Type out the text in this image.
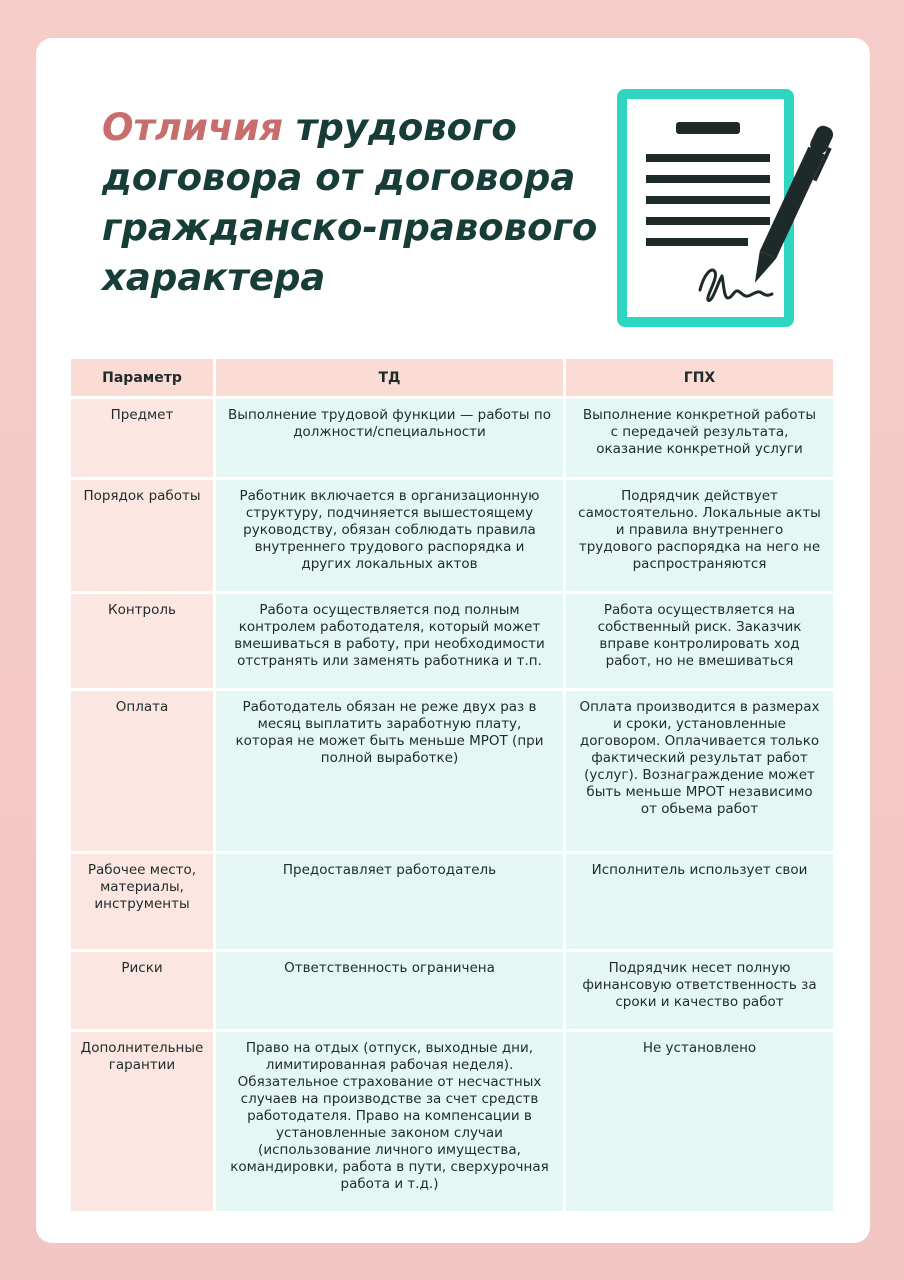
Отличия трудового договора от договора гражданско-правового характера
Параметр	ТД	ГПХ
Предмет	Выполнение трудовой функции — работы по должности/специальности	Выполнение конкретной работы с передачей результата, оказание конкретной услуги
Порядок работы	Работник включается в организационную структуру, подчиняется вышестоящему руководству, обязан соблюдать правила внутреннего трудового распорядка и других локальных актов	Подрядчик действует самостоятельно. Локальные акты и правила внутреннего трудового распорядка на него не распространяются
Контроль	Работа осуществляется под полным контролем работодателя, который может вмешиваться в работу, при необходимости отстранять или заменять работника и т.п.	Работа осуществляется на собственный риск. Заказчик вправе контролировать ход работ, но не вмешиваться
Оплата	Работодатель обязан не реже двух раз в месяц выплатить заработную плату, которая не может быть меньше МРОТ (при полной выработке)	Оплата производится в размерах и сроки, установленные договором. Оплачивается только фактический результат работ (услуг). Вознаграждение может быть меньше МРОТ независимо от обьема работ
Рабочее место, материалы, инструменты	Предоставляет работодатель	Исполнитель использует свои
Риски	Ответственность ограничена	Подрядчик несет полную финансовую ответственность за сроки и качество работ
Дополнительные гарантии	Право на отдых (отпуск, выходные дни, лимитированная рабочая неделя). Обязательное страхование от несчастных случаев на производстве за счет средств работодателя. Право на компенсации в установленные законом случаи (использование личного имущества, командировки, работа в пути, сверхурочная работа и т.д.)	Не установлено
